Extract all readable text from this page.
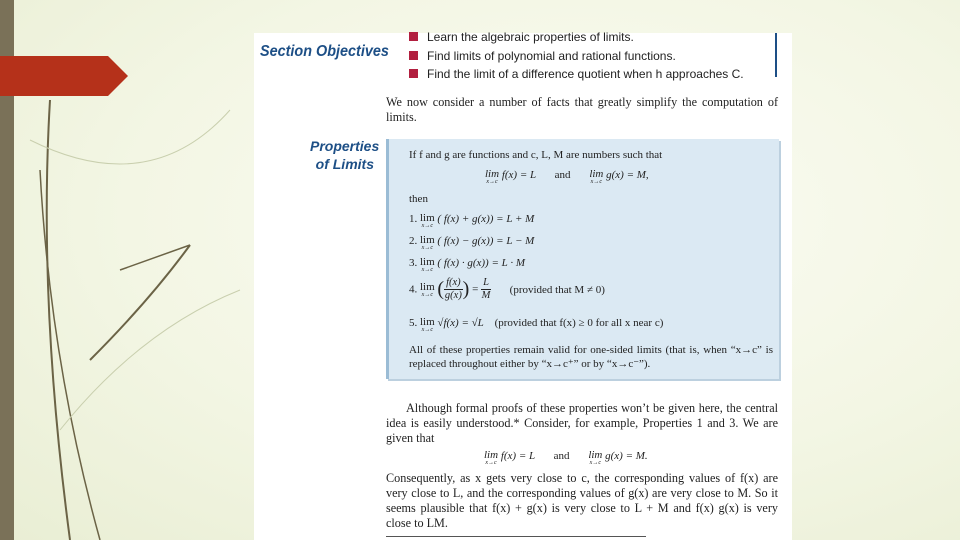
Section Objectives
Learn the algebraic properties of limits.
Find limits of polynomial and rational functions.
Find the limit of a difference quotient when h approaches C.
We now consider a number of facts that greatly simplify the computation of limits.
Properties
of Limits
If f and g are functions and c, L, M are numbers such that
lim
x→c
f(x) = L and lim
x→c
g(x) = M,
then
1. lim
x→c
( f(x) + g(x)) = L + M
2. lim
x→c
( f(x) − g(x)) = L − M
3. lim
x→c
( f(x) · g(x)) = L · M
4. lim
x→c ( $\frac{f(x)}{g(x)}$ ) = $\frac{L}{M}$ (provided that M ≠ 0)
5. lim
x→c
√f(x) = √L (provided that f(x) ≥ 0 for all x near c)
All of these properties remain valid for one-sided limits (that is, when “x→c” is replaced throughout either by “x→c⁺” or by “x→c⁻”).
Although formal proofs of these properties won’t be given here, the central idea is easily understood.* Consider, for example, Properties 1 and 3. We are given that
lim
x→c
f(x) = L and lim
x→c
g(x) = M.
Consequently, as x gets very close to c, the corresponding values of f(x) are very close to L, and the corresponding values of g(x) are very close to M. So it seems plausible that f(x) + g(x) is very close to L + M and f(x) g(x) is very close to LM.
